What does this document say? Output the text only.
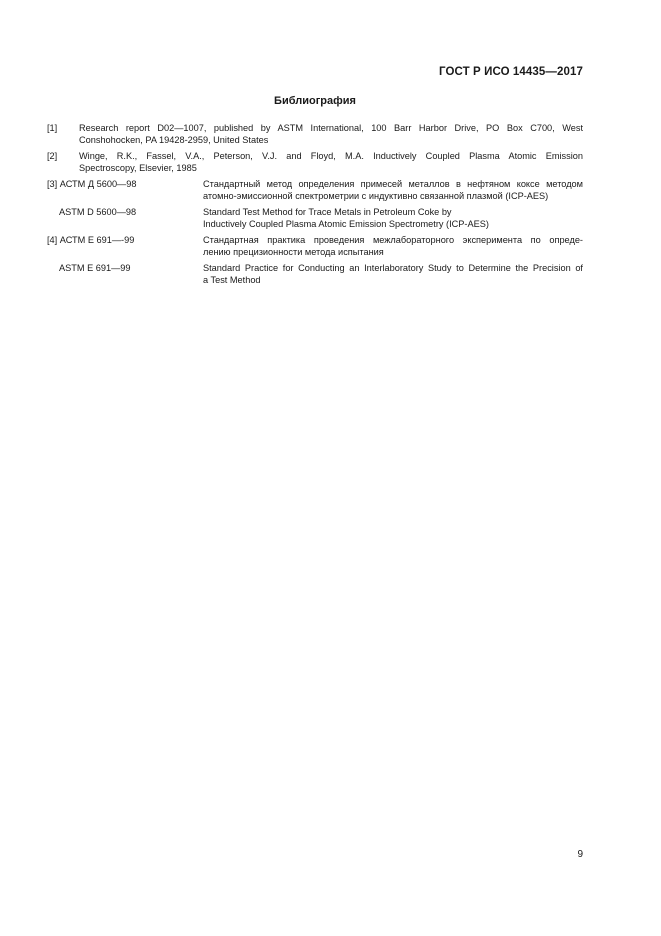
ГОСТ Р ИСО 14435—2017
Библиография
[1]	Research report D02—1007, published by ASTM International, 100 Barr Harbor Drive, PO Box C700, West
Conshohocken, PA 19428-2959, United States
[2]	Winge, R.K., Fassel, V.A., Peterson, V.J. and Floyd, M.A. Inductively Coupled Plasma Atomic Emission
Spectroscopy, Elsevier, 1985
[3] АСТМ Д 5600—98	Стандартный метод определения примесей металлов в нефтяном коксе методом
атомно-эмиссионной спектрометрии с индуктивно связанной плазмой (ICP-AES)
ASTM D 5600—98	Standard Test Method for Trace Metals in Petroleum Coke by
Inductively Coupled Plasma Atomic Emission Spectrometry (ICP-AES)
[4] АСТМ Е 691—-99	Стандартная практика проведения межлабораторного эксперимента по опреде-
лению прецизионности метода испытания
ASTM E 691—99	Standard Practice for Conducting an Interlaboratory Study to Determine the Precision of
a Test Method
9
